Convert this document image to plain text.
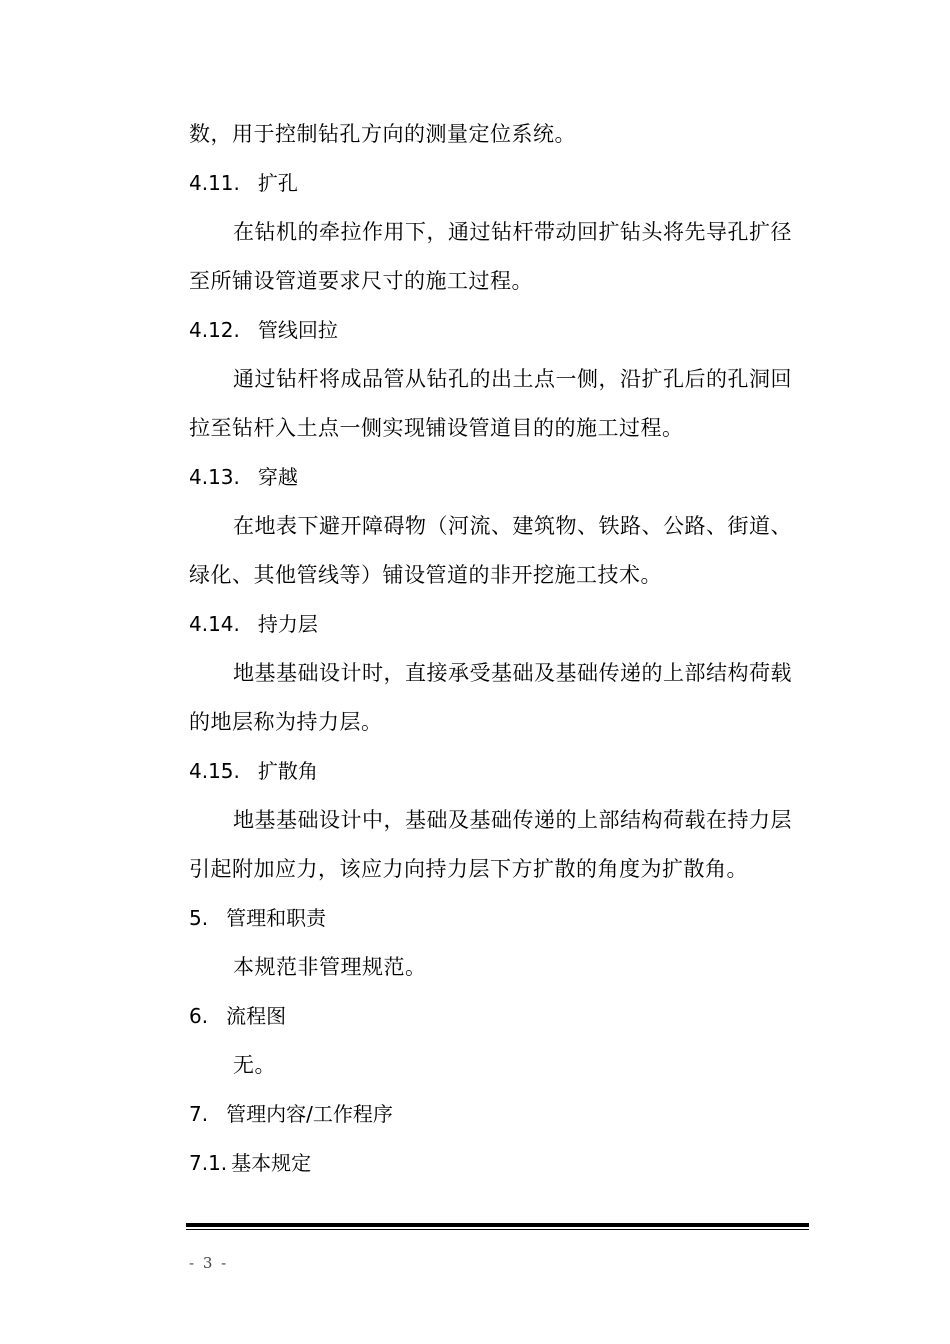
数，用于控制钻孔方向的测量定位系统。
4.11. 扩孔
在钻机的牵拉作用下，通过钻杆带动回扩钻头将先导孔扩径
至所铺设管道要求尺寸的施工过程。
4.12. 管线回拉
通过钻杆将成品管从钻孔的出土点一侧，沿扩孔后的孔洞回
拉至钻杆入土点一侧实现铺设管道目的的施工过程。
4.13. 穿越
在地表下避开障碍物（河流、建筑物、铁路、公路、街道、
绿化、其他管线等）铺设管道的非开挖施工技术。
4.14. 持力层
地基基础设计时，直接承受基础及基础传递的上部结构荷载
的地层称为持力层。
4.15. 扩散角
地基基础设计中，基础及基础传递的上部结构荷载在持力层
引起附加应力，该应力向持力层下方扩散的角度为扩散角。
5. 管理和职责
本规范非管理规范。
6. 流程图
无。
7. 管理内容/工作程序
7.1. 基本规定
- 3 -
